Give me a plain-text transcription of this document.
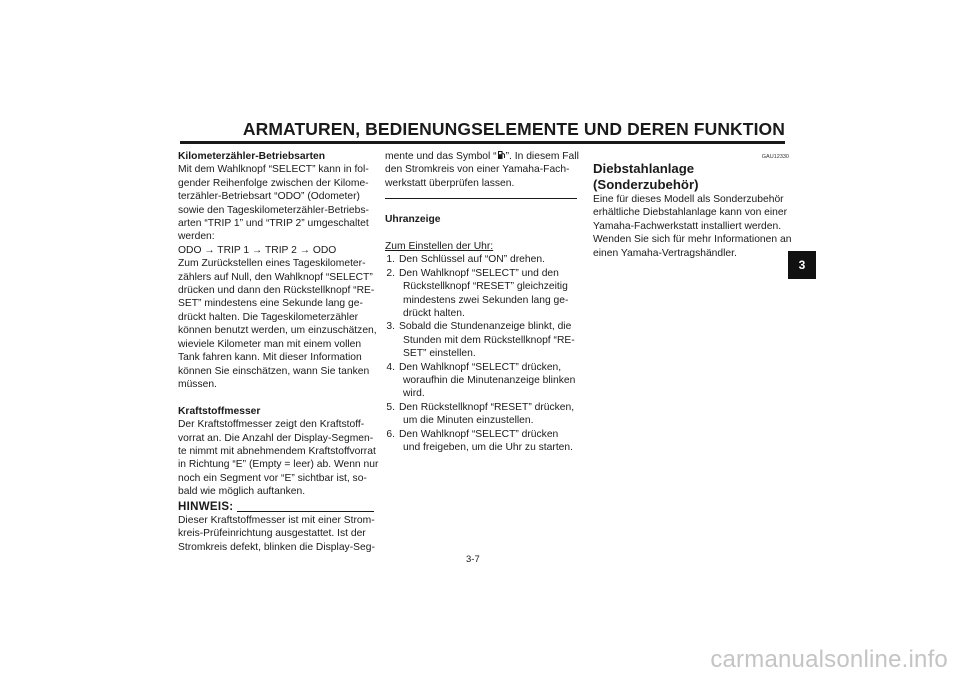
ARMATUREN, BEDIENUNGSELEMENTE UND DEREN FUNKTION
Kilometerzähler-Betriebsarten
Mit dem Wahlknopf “SELECT” kann in fol-
gender Reihenfolge zwischen der Kilome-
terzähler-Betriebsart “ODO” (Odometer)
sowie den Tageskilometerzähler-Betriebs-
arten “TRIP 1” und “TRIP 2” umgeschaltet
werden:
ODO → TRIP 1 → TRIP 2 → ODO
Zum Zurückstellen eines Tageskilometer-
zählers auf Null, den Wahlknopf “SELECT”
drücken und dann den Rückstellknopf “RE-
SET” mindestens eine Sekunde lang ge-
drückt halten. Die Tageskilometerzähler
können benutzt werden, um einzuschätzen,
wieviele Kilometer man mit einem vollen
Tank fahren kann. Mit dieser Information
können Sie einschätzen, wann Sie tanken
müssen.
Kraftstoffmesser
Der Kraftstoffmesser zeigt den Kraftstoff-
vorrat an. Die Anzahl der Display-Segmen-
te nimmt mit abnehmendem Kraftstoffvorrat
in Richtung “E” (Empty = leer) ab. Wenn nur
noch ein Segment vor “E” sichtbar ist, so-
bald wie möglich auftanken.
HINWEIS:
Dieser Kraftstoffmesser ist mit einer Strom-
kreis-Prüfeinrichtung ausgestattet. Ist der
Stromkreis defekt, blinken die Display-Seg-
mente und das Symbol “ ”. In diesem Fall
den Stromkreis von einer Yamaha-Fach-
werkstatt überprüfen lassen.
Uhranzeige
Zum Einstellen der Uhr:
1. Den Schlüssel auf “ON” drehen.
2. Den Wahlknopf “SELECT” und den
Rückstellknopf “RESET” gleichzeitig
mindestens zwei Sekunden lang ge-
drückt halten.
3. Sobald die Stundenanzeige blinkt, die
Stunden mit dem Rückstellknopf “RE-
SET” einstellen.
4. Den Wahlknopf “SELECT” drücken,
woraufhin die Minutenanzeige blinken
wird.
5. Den Rückstellknopf “RESET” drücken,
um die Minuten einzustellen.
6. Den Wahlknopf “SELECT” drücken
und freigeben, um die Uhr zu starten.
GAU12330
Diebstahlanlage
(Sonderzubehör)
Eine für dieses Modell als Sonderzubehör
erhältliche Diebstahlanlage kann von einer
Yamaha-Fachwerkstatt installiert werden.
Wenden Sie sich für mehr Informationen an
einen Yamaha-Vertragshändler.
3
3-7
carmanualsonline.info
